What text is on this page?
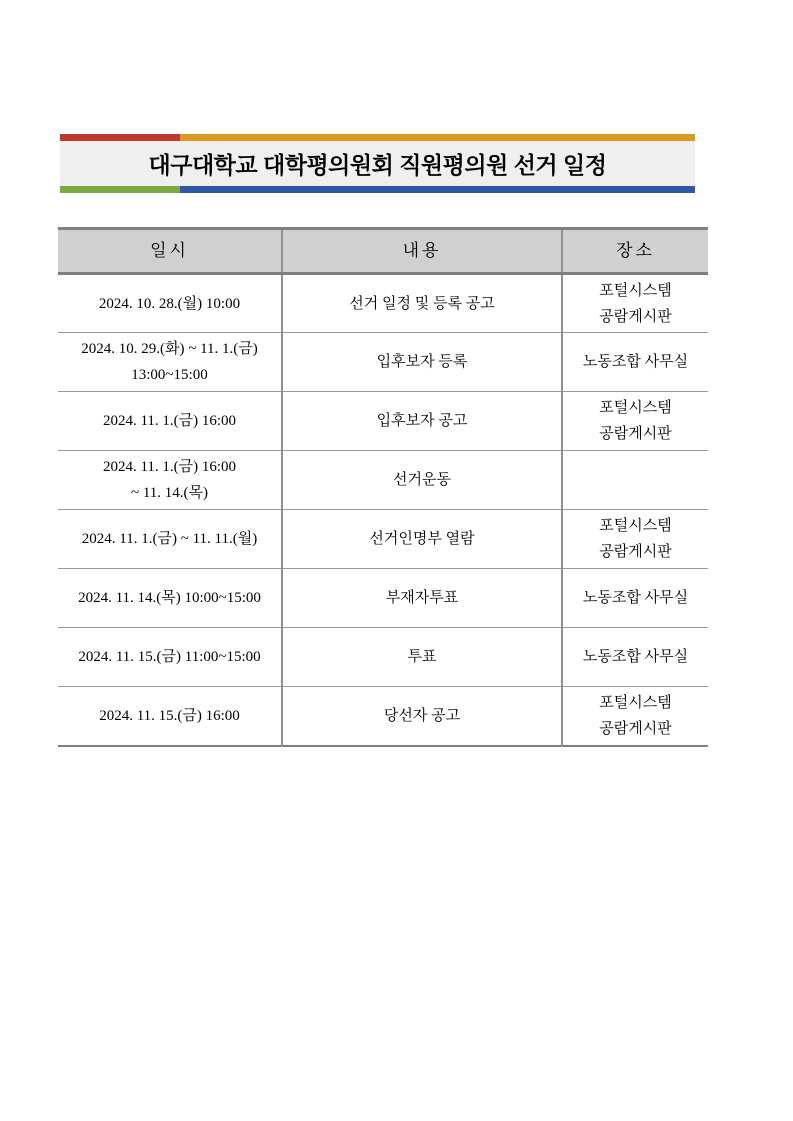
대구대학교 대학평의원회 직원평의원 선거 일정
일시	내용	장소

2024. 10. 28.(월) 10:00	선거 일정 및 등록 공고	포털시스템
공람게시판

2024. 10. 29.(화) ~ 11. 1.(금)
13:00~15:00	입후보자 등록	노동조합 사무실

2024. 11. 1.(금) 16:00	입후보자 공고	포털시스템
공람게시판

2024. 11. 1.(금) 16:00
~ 11. 14.(목)	선거운동	

2024. 11. 1.(금) ~ 11. 11.(월)	선거인명부 열람	포털시스템
공람게시판

2024. 11. 14.(목) 10:00~15:00	부재자투표	노동조합 사무실

2024. 11. 15.(금) 11:00~15:00	투표	노동조합 사무실

2024. 11. 15.(금) 16:00	당선자 공고	포털시스템
공람게시판
